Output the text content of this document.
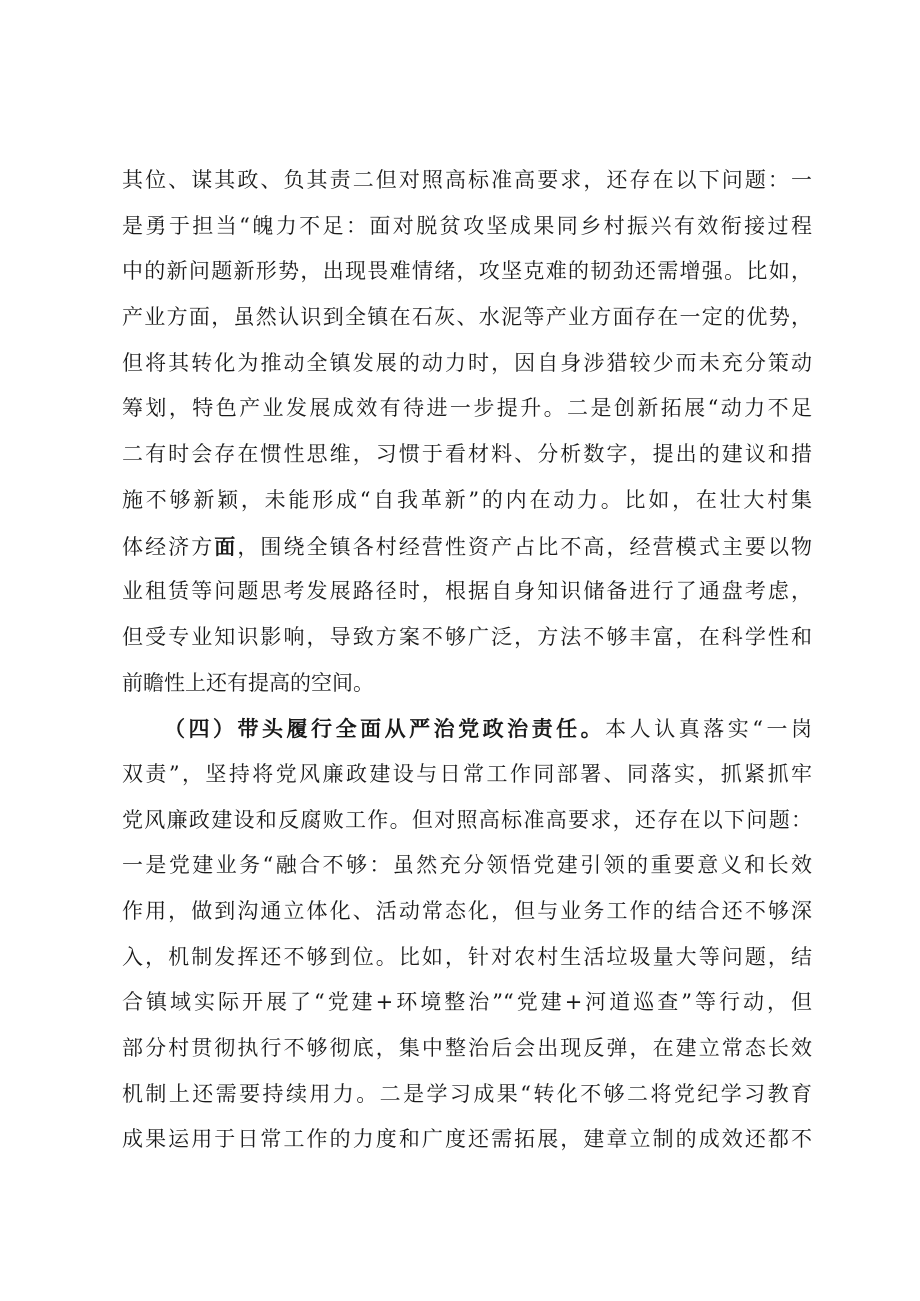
其位、谋其政、负其责二但对照高标准高要求，还存在以下问题：一
是勇于担当“魄力不足：面对脱贫攻坚成果同乡村振兴有效衔接过程
中的新问题新形势，出现畏难情绪，攻坚克难的韧劲还需增强。比如，
产业方面，虽然认识到全镇在石灰、水泥等产业方面存在一定的优势，
但将其转化为推动全镇发展的动力时，因自身涉猎较少而未充分策动
筹划，特色产业发展成效有待进一步提升。二是创新拓展“动力不足
二有时会存在惯性思维，习惯于看材料、分析数字，提出的建议和措
施不够新颖，未能形成“自我革新”的内在动力。比如，在壮大村集
体经济方面，围绕全镇各村经营性资产占比不高，经营模式主要以物
业租赁等问题思考发展路径时，根据自身知识储备进行了通盘考虑，
但受专业知识影响，导致方案不够广泛，方法不够丰富，在科学性和
前瞻性上还有提高的空间。
（四）带头履行全面从严治党政治责任。本人认真落实“一岗
双责”，坚持将党风廉政建设与日常工作同部署、同落实，抓紧抓牢
党风廉政建设和反腐败工作。但对照高标准高要求，还存在以下问题：
一是党建业务“融合不够：虽然充分领悟党建引领的重要意义和长效
作用，做到沟通立体化、活动常态化，但与业务工作的结合还不够深
入，机制发挥还不够到位。比如，针对农村生活垃圾量大等问题，结
合镇域实际开展了“党建+环境整治”“党建+河道巡查”等行动，但
部分村贯彻执行不够彻底，集中整治后会出现反弹，在建立常态长效
机制上还需要持续用力。二是学习成果“转化不够二将党纪学习教育
成果运用于日常工作的力度和广度还需拓展，建章立制的成效还都不
